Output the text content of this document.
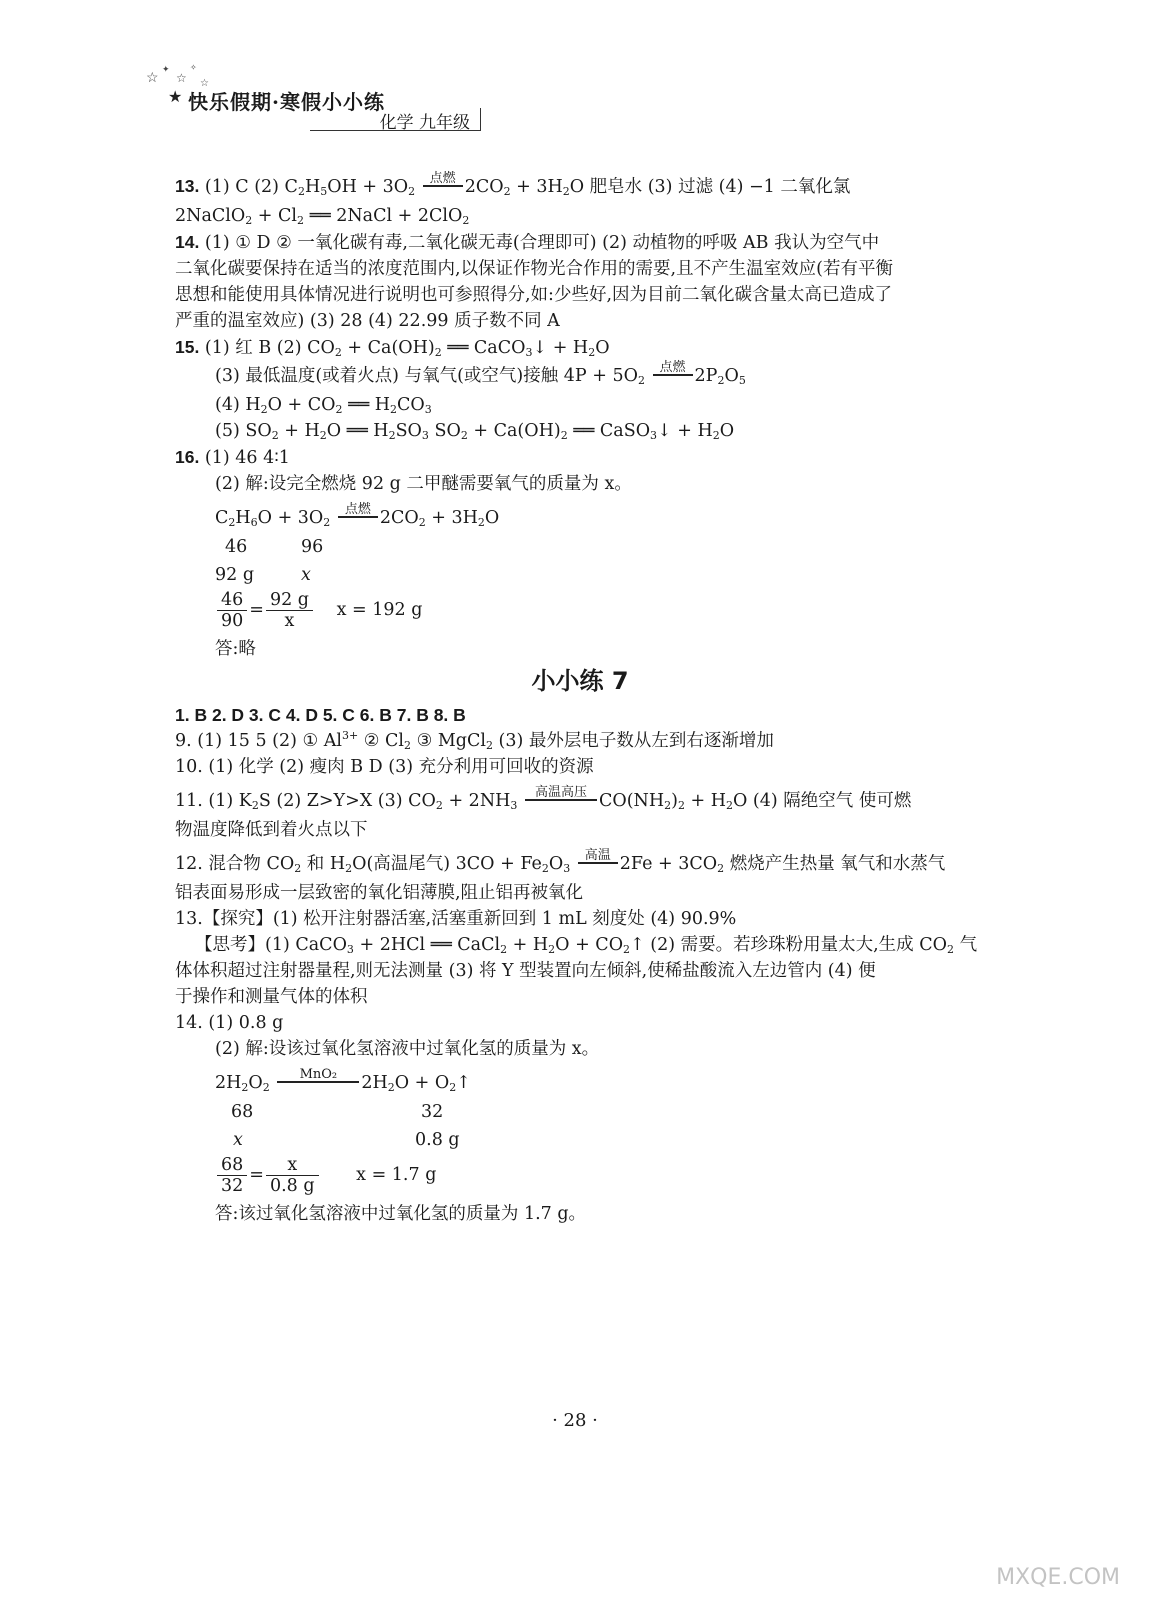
☆ ✦
☆
✧
☆
★ 快乐假期·寒假小小练
化学 九年级
13. (1) C (2) $C_2H_5OH + 3O_2$
点燃 $2CO_2 + 3H_2O$ 肥皂水 (3) 过滤 (4) −1 二氧化氯
2NaClO$_2$ + $Cl_2$ ══ 2NaCl + 2ClO$_2$
14. (1) ① D ② 一氧化碳有毒,二氧化碳无毒(合理即可) (2) 动植物的呼吸 AB 我认为空气中
二氧化碳要保持在适当的浓度范围内,以保证作物光合作用的需要,且不产生温室效应(若有平衡
思想和能使用具体情况进行说明也可参照得分,如:少些好,因为目前二氧化碳含量太高已造成了
严重的温室效应) (3) 28 (4) 22.99 质子数不同 A
15. (1) 红 B (2) $CO_2 + Ca(OH)_2$ ══ CaCO$_3$↓ + $H_2O$
(3) 最低温度(或着火点) 与氧气(或空气)接触 $4P + 5O_2$
点燃 $2P_2O_5$
(4) $H_2O + CO_2$ ══ $H_2CO_3$
(5) $SO_2 + H_2O$ ══ $H_2SO_3$ $SO_2 + Ca(OH)_2$ ══ CaSO$_3$↓ + $H_2O$
16. (1) 46 4∶1
(2) 解:设完全燃烧 92 g 二甲醚需要氧气的质量为 x。
$C_2H_6O + 3O_2$
点燃 $2CO_2 + 3H_2O$
46	96
92 g	x
$\frac{46}{90} = \frac{92 g}{x}$ x = 192 g
答:略
小小练 7
1. B 2. D 3. C 4. D 5. C 6. B 7. B 8. B
9. (1) 15 5 (2) ① $Al^{3+}$ ② $Cl_2$ ③ MgCl$_2$ (3) 最外层电子数从左到右逐渐增加
10. (1) 化学 (2) 瘦肉 B D (3) 充分利用可回收的资源
11. (1) $K_2S$ (2) Z>Y>X (3) $CO_2 + 2NH_3$
高温高压 $CO(NH_2)_2 + H_2O$ (4) 隔绝空气 使可燃
物温度降低到着火点以下
12. 混合物 $CO_2$ 和 $H_2O$(高温尾气) $3CO + Fe_2O_3$
高温 $2Fe + 3CO_2$ 燃烧产生热量 氧气和水蒸气
铝表面易形成一层致密的氧化铝薄膜,阻止铝再被氧化
13.【探究】(1) 松开注射器活塞,活塞重新回到 1 mL 刻度处 (4) 90.9%
【思考】(1) CaCO$_3$ + 2HCl ══ CaCl$_2$ + $H_2O$ + $CO_2↑$ (2) 需要。若珍珠粉用量太大,生成 $CO_2$ 气
体体积超过注射器量程,则无法测量 (3) 将 Y 型装置向左倾斜,使稀盐酸流入左边管内 (4) 便
于操作和测量气体的体积
14. (1) 0.8 g
(2) 解:设该过氧化氢溶液中过氧化氢的质量为 x。
$2H_2O_2$
MnO₂	$2H_2O$ + $O_2↑$
68	32
x	0.8 g
$\frac{68}{32} = \frac{x}{0.8 g}$ x = 1.7 g
答:该过氧化氢溶液中过氧化氢的质量为 1.7 g。
· 28 ·
MXQE.COM
